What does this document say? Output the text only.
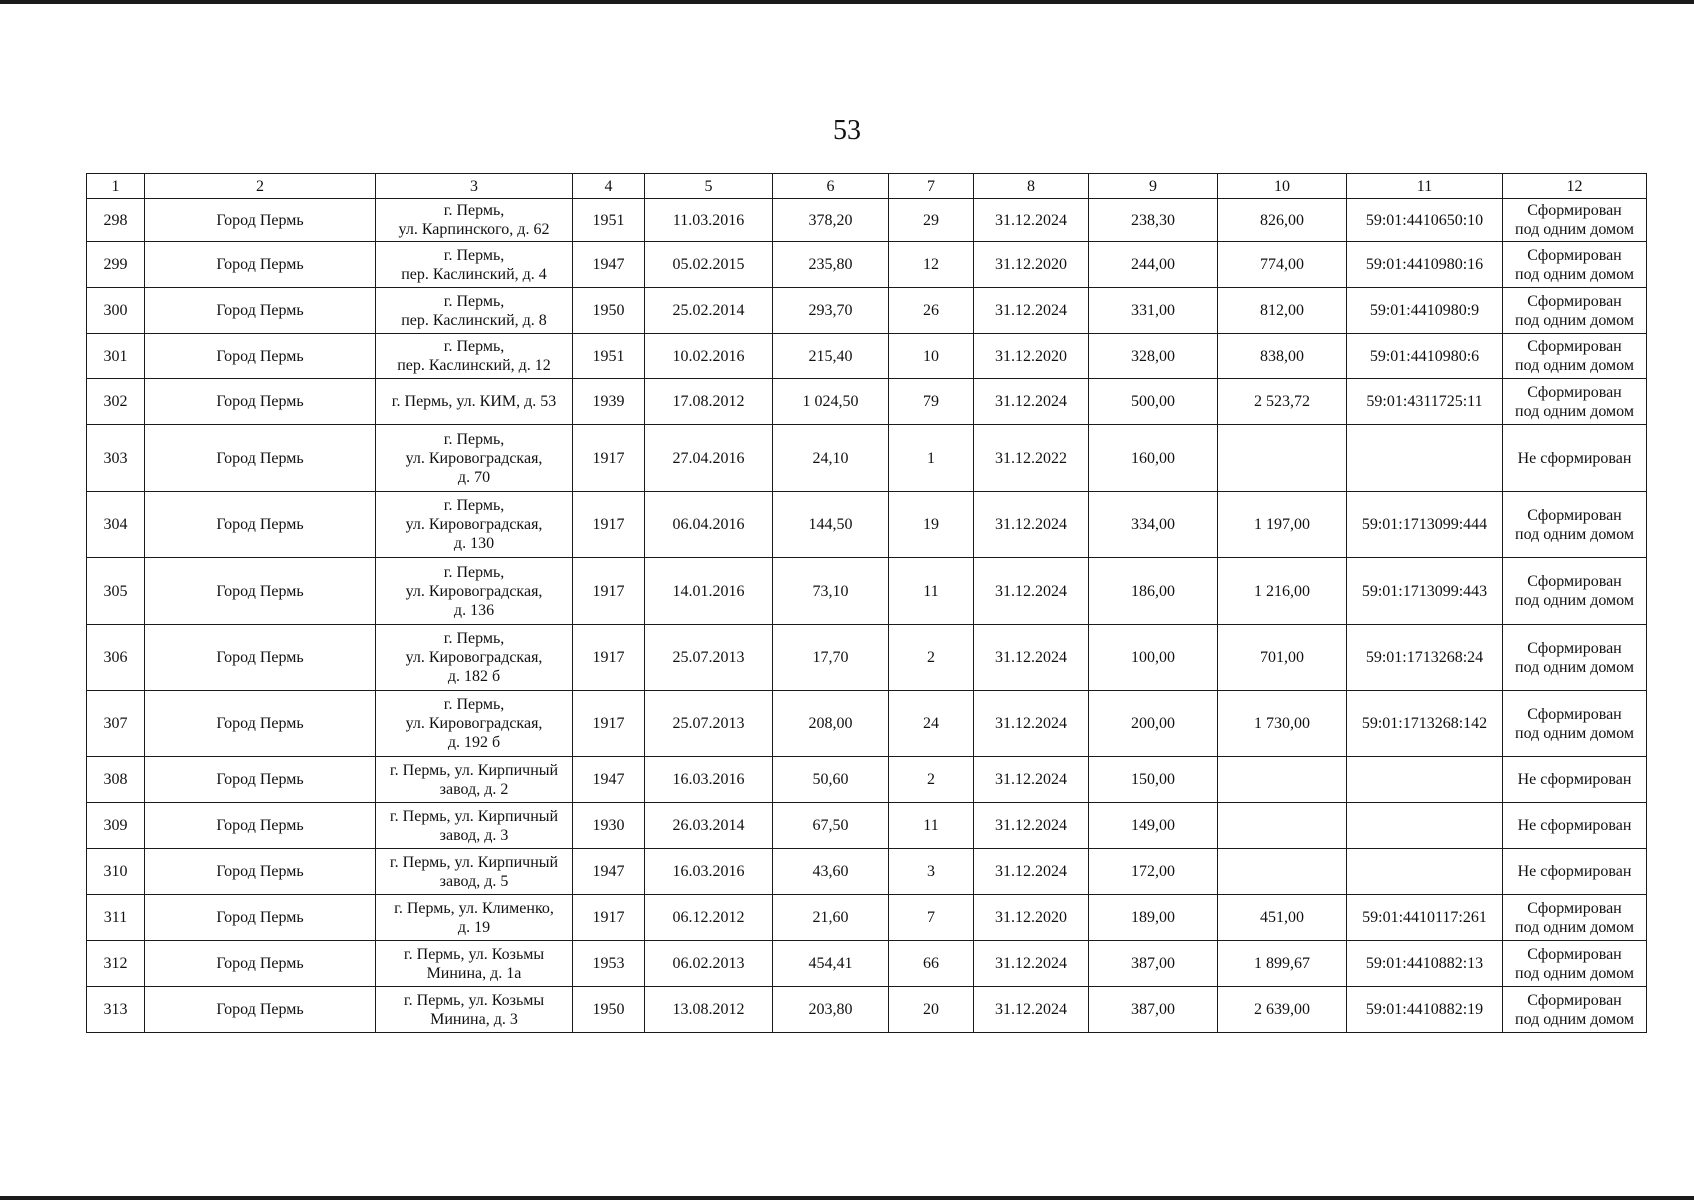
53
1	2	3	4	5	6	7	8	9	10	11	12
298	Город Пермь	г. Пермь,
ул. Карпинского, д. 62	1951	11.03.2016	378,20	29	31.12.2024	238,30	826,00	59:01:4410650:10	Сформирован
под одним домом

299	Город Пермь	г. Пермь,
пер. Каслинский, д. 4	1947	05.02.2015	235,80	12	31.12.2020	244,00	774,00	59:01:4410980:16	Сформирован
под одним домом

300	Город Пермь	г. Пермь,
пер. Каслинский, д. 8	1950	25.02.2014	293,70	26	31.12.2024	331,00	812,00	59:01:4410980:9	Сформирован
под одним домом

301	Город Пермь	г. Пермь,
пер. Каслинский, д. 12	1951	10.02.2016	215,40	10	31.12.2020	328,00	838,00	59:01:4410980:6	Сформирован
под одним домом

302	Город Пермь	г. Пермь, ул. КИМ, д. 53	1939	17.08.2012	1 024,50	79	31.12.2024	500,00	2 523,72	59:01:4311725:11	Сформирован
под одним домом

303	Город Пермь	г. Пермь,
ул. Кировоградская,
д. 70	1917	27.04.2016	24,10	1	31.12.2022	160,00			Не сформирован

304	Город Пермь	г. Пермь,
ул. Кировоградская,
д. 130	1917	06.04.2016	144,50	19	31.12.2024	334,00	1 197,00	59:01:1713099:444	Сформирован
под одним домом

305	Город Пермь	г. Пермь,
ул. Кировоградская,
д. 136	1917	14.01.2016	73,10	11	31.12.2024	186,00	1 216,00	59:01:1713099:443	Сформирован
под одним домом

306	Город Пермь	г. Пермь,
ул. Кировоградская,
д. 182 б	1917	25.07.2013	17,70	2	31.12.2024	100,00	701,00	59:01:1713268:24	Сформирован
под одним домом

307	Город Пермь	г. Пермь,
ул. Кировоградская,
д. 192 б	1917	25.07.2013	208,00	24	31.12.2024	200,00	1 730,00	59:01:1713268:142	Сформирован
под одним домом

308	Город Пермь	г. Пермь, ул. Кирпичный
завод, д. 2	1947	16.03.2016	50,60	2	31.12.2024	150,00			Не сформирован

309	Город Пермь	г. Пермь, ул. Кирпичный
завод, д. 3	1930	26.03.2014	67,50	11	31.12.2024	149,00			Не сформирован

310	Город Пермь	г. Пермь, ул. Кирпичный
завод, д. 5	1947	16.03.2016	43,60	3	31.12.2024	172,00			Не сформирован

311	Город Пермь	г. Пермь, ул. Клименко,
д. 19	1917	06.12.2012	21,60	7	31.12.2020	189,00	451,00	59:01:4410117:261	Сформирован
под одним домом

312	Город Пермь	г. Пермь, ул. Козьмы
Минина, д. 1а	1953	06.02.2013	454,41	66	31.12.2024	387,00	1 899,67	59:01:4410882:13	Сформирован
под одним домом

313	Город Пермь	г. Пермь, ул. Козьмы
Минина, д. 3	1950	13.08.2012	203,80	20	31.12.2024	387,00	2 639,00	59:01:4410882:19	Сформирован
под одним домом
